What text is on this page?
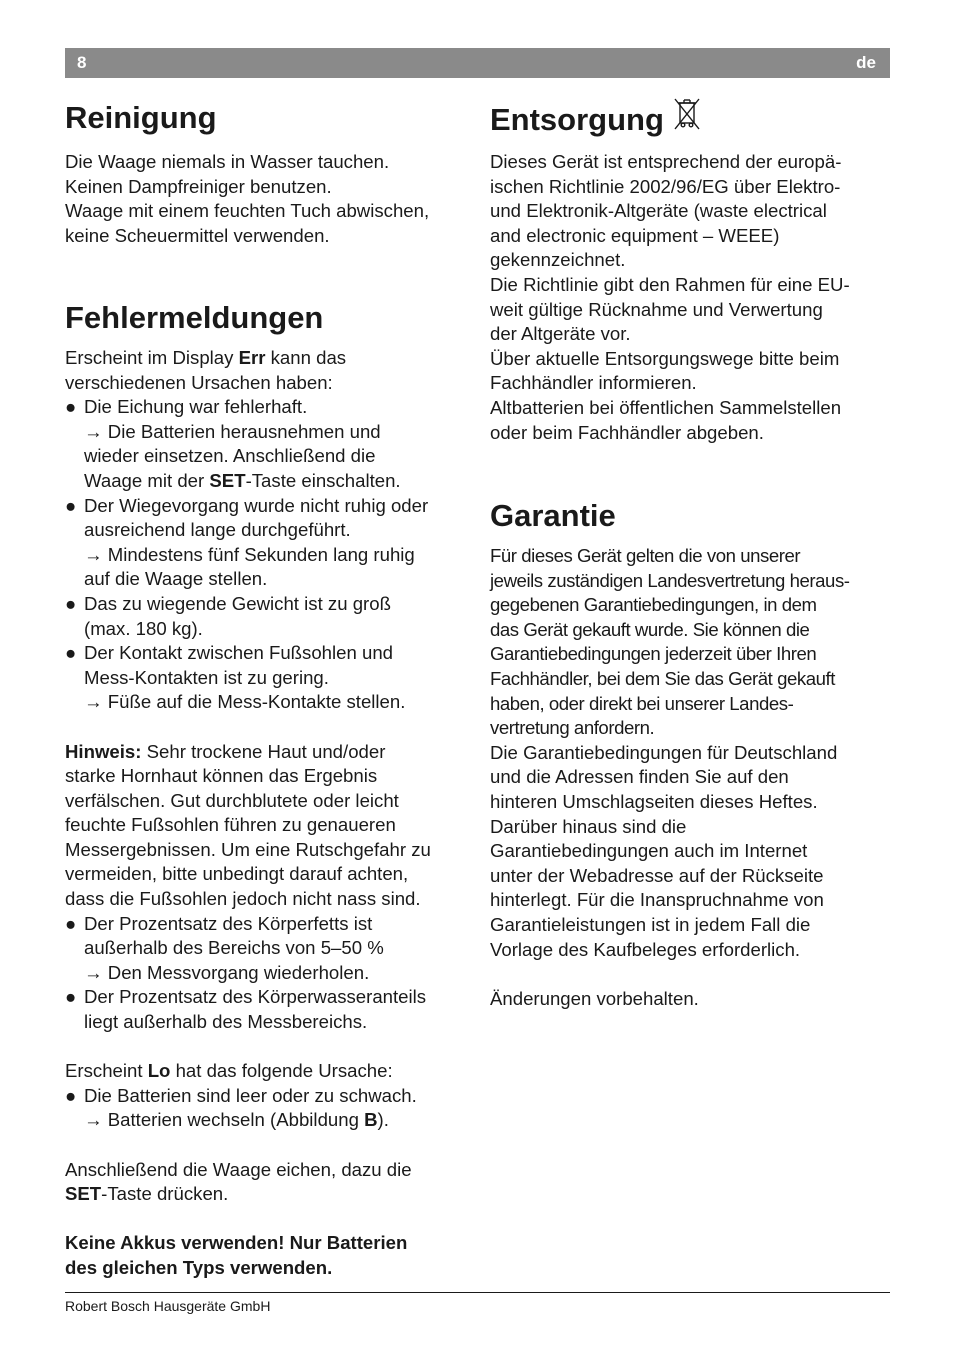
8	de
Reinigung
Die Waage niemals in Wasser tauchen.
Keinen Dampfreiniger benutzen.
Waage mit einem feuchten Tuch abwischen,
keine Scheuermittel verwenden.
Fehlermeldungen
Erscheint im Display Err kann das
verschiedenen Ursachen haben:
● Die Eichung war fehlerhaft.
→ Die Batterien herausnehmen und
wieder einsetzen. Anschließend die
Waage mit der SET-Taste einschalten.
● Der Wiegevorgang wurde nicht ruhig oder
ausreichend lange durchgeführt.
→ Mindestens fünf Sekunden lang ruhig
auf die Waage stellen.
● Das zu wiegende Gewicht ist zu groß
(max. 180 kg).
● Der Kontakt zwischen Fußsohlen und
Mess-Kontakten ist zu gering.
→ Füße auf die Mess-Kontakte stellen.
Hinweis: Sehr trockene Haut und/oder
starke Hornhaut können das Ergebnis
verfälschen. Gut durchblutete oder leicht
feuchte Fußsohlen führen zu genaueren
Messergebnissen. Um eine Rutschgefahr zu
vermeiden, bitte unbedingt darauf achten,
dass die Fußsohlen jedoch nicht nass sind.
● Der Prozentsatz des Körperfetts ist
außerhalb des Bereichs von 5–50 %
→ Den Messvorgang wiederholen.
● Der Prozentsatz des Körperwasseranteils
liegt außerhalb des Messbereichs.
Erscheint Lo hat das folgende Ursache:
● Die Batterien sind leer oder zu schwach.
→ Batterien wechseln (Abbildung B).
Anschließend die Waage eichen, dazu die
SET-Taste drücken.
Keine Akkus verwenden! Nur Batterien
des gleichen Typs verwenden.
Entsorgung
Dieses Gerät ist entsprechend der europä-
ischen Richtlinie 2002/96/EG über Elektro-
und Elektronik-Altgeräte (waste electrical
and electronic equipment – WEEE)
gekennzeichnet.
Die Richtlinie gibt den Rahmen für eine EU-
weit gültige Rücknahme und Verwertung
der Altgeräte vor.
Über aktuelle Entsorgungswege bitte beim
Fachhändler informieren.
Altbatterien bei öffentlichen Sammelstellen
oder beim Fachhändler abgeben.
Garantie
Für dieses Gerät gelten die von unserer
jeweils zuständigen Landesvertretung heraus-
gegebenen Garantiebedingungen, in dem
das Gerät gekauft wurde. Sie können die
Garantiebedingungen jederzeit über Ihren
Fachhändler, bei dem Sie das Gerät gekauft
haben, oder direkt bei unserer Landes-
vertretung anfordern.
Die Garantiebedingungen für Deutschland
und die Adressen finden Sie auf den
hinteren Umschlagseiten dieses Heftes.
Darüber hinaus sind die
Garantiebedingungen auch im Internet
unter der Webadresse auf der Rückseite
hinterlegt. Für die Inanspruchnahme von
Garantieleistungen ist in jedem Fall die
Vorlage des Kaufbeleges erforderlich.
Änderungen vorbehalten.
Robert Bosch Hausgeräte GmbH
